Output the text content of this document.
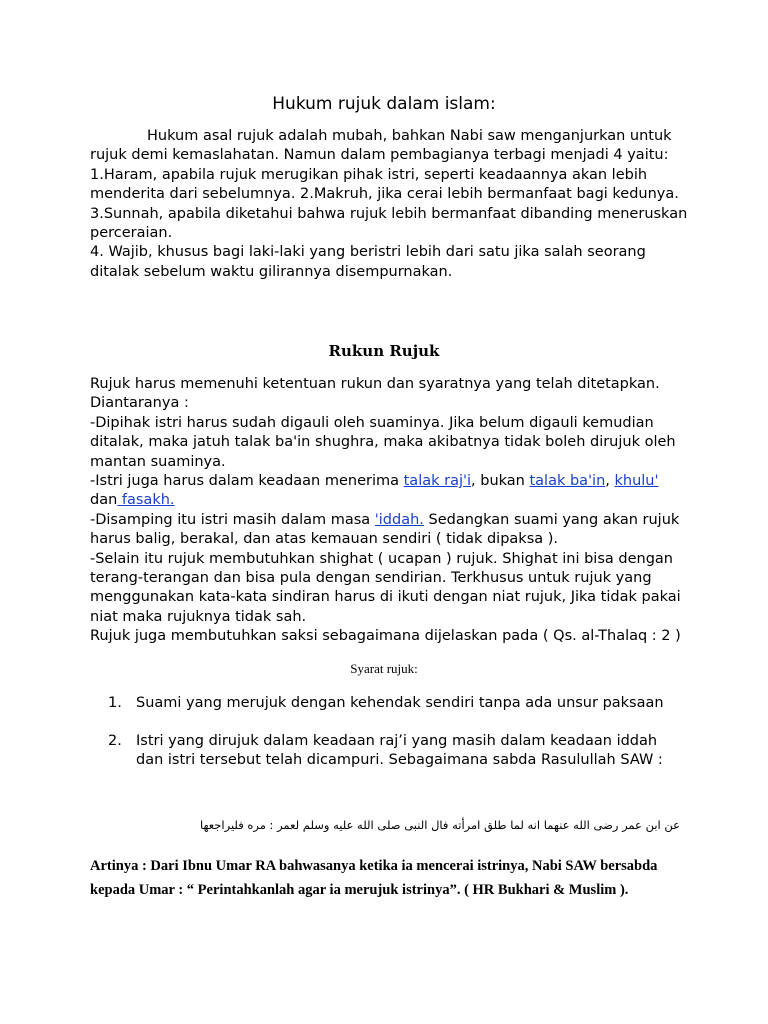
Hukum rujuk dalam islam:

Hukum asal rujuk adalah mubah, bahkan Nabi saw menganjurkan untuk rujuk demi kemaslahatan. Namun dalam pembagianya terbagi menjadi 4 yaitu:

1.Haram, apabila rujuk merugikan pihak istri, seperti keadaannya akan lebih menderita dari sebelumnya. 2.Makruh, jika cerai lebih bermanfaat bagi kedunya.

3.Sunnah, apabila diketahui bahwa rujuk lebih bermanfaat dibanding meneruskan perceraian.

4. Wajib, khusus bagi laki-laki yang beristri lebih dari satu jika salah seorang ditalak sebelum waktu gilirannya disempurnakan.

Rukun Rujuk

Rujuk harus memenuhi ketentuan rukun dan syaratnya yang telah ditetapkan.

Diantaranya :

-Dipihak istri harus sudah digauli oleh suaminya. Jika belum digauli kemudian ditalak, maka jatuh talak ba'in shughra, maka akibatnya tidak boleh dirujuk oleh mantan suaminya.

-Istri juga harus dalam keadaan menerima talak raj'i, bukan talak ba'in, khulu' dan fasakh.

-Disamping itu istri masih dalam masa 'iddah. Sedangkan suami yang akan rujuk harus balig, berakal, dan atas kemauan sendiri ( tidak dipaksa ).

-Selain itu rujuk membutuhkan shighat ( ucapan ) rujuk. Shighat ini bisa dengan terang-terangan dan bisa pula dengan sendirian. Terkhusus untuk rujuk yang menggunakan kata-kata sindiran harus di ikuti dengan niat rujuk, Jika tidak pakai niat maka rujuknya tidak sah.

Rujuk juga membutuhkan saksi sebagaimana dijelaskan pada ( Qs. al-Thalaq : 2 )

Syarat rujuk:
1. Suami yang merujuk dengan kehendak sendiri tanpa ada unsur paksaan
2. Istri yang dirujuk dalam keadaan raj’i yang masih dalam keadaan iddah dan istri tersebut telah dicampuri. Sebagaimana sabda Rasulullah SAW :
عن ابن عمر رضى الله عنهما انه لما طلق امرأته فال النبى صلى الله عليه وسلم لعمر : مره فليراجعها
Artinya : Dari Ibnu Umar RA bahwasanya ketika ia mencerai istrinya, Nabi SAW bersabda kepada Umar : “ Perintahkanlah agar ia merujuk istrinya”. ( HR Bukhari & Muslim ).
